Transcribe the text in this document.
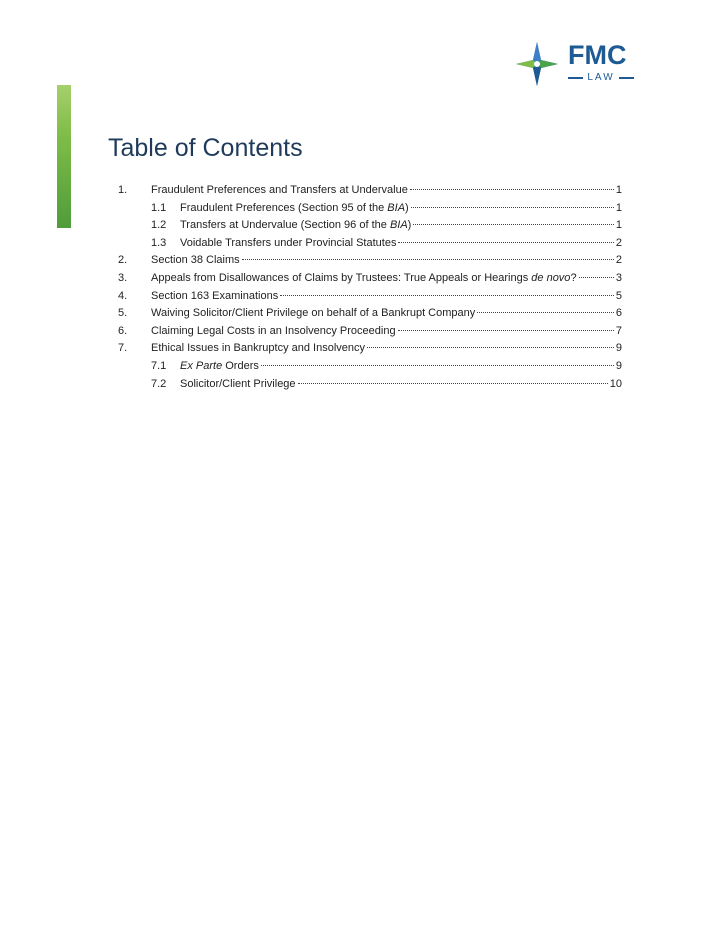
FMC
LAW
Table of Contents
1.	Fraudulent Preferences and Transfers at Undervalue	1
1.1	Fraudulent Preferences (Section 95 of the BIA)	1
1.2	Transfers at Undervalue (Section 96 of the BIA)	1
1.3	Voidable Transfers under Provincial Statutes	2
2.	Section 38 Claims	2
3.	Appeals from Disallowances of Claims by Trustees: True Appeals or Hearings de novo?	3
4.	Section 163 Examinations	5
5.	Waiving Solicitor/Client Privilege on behalf of a Bankrupt Company	6
6.	Claiming Legal Costs in an Insolvency Proceeding	7
7.	Ethical Issues in Bankruptcy and Insolvency	9
7.1	Ex Parte Orders	9
7.2	Solicitor/Client Privilege	10
